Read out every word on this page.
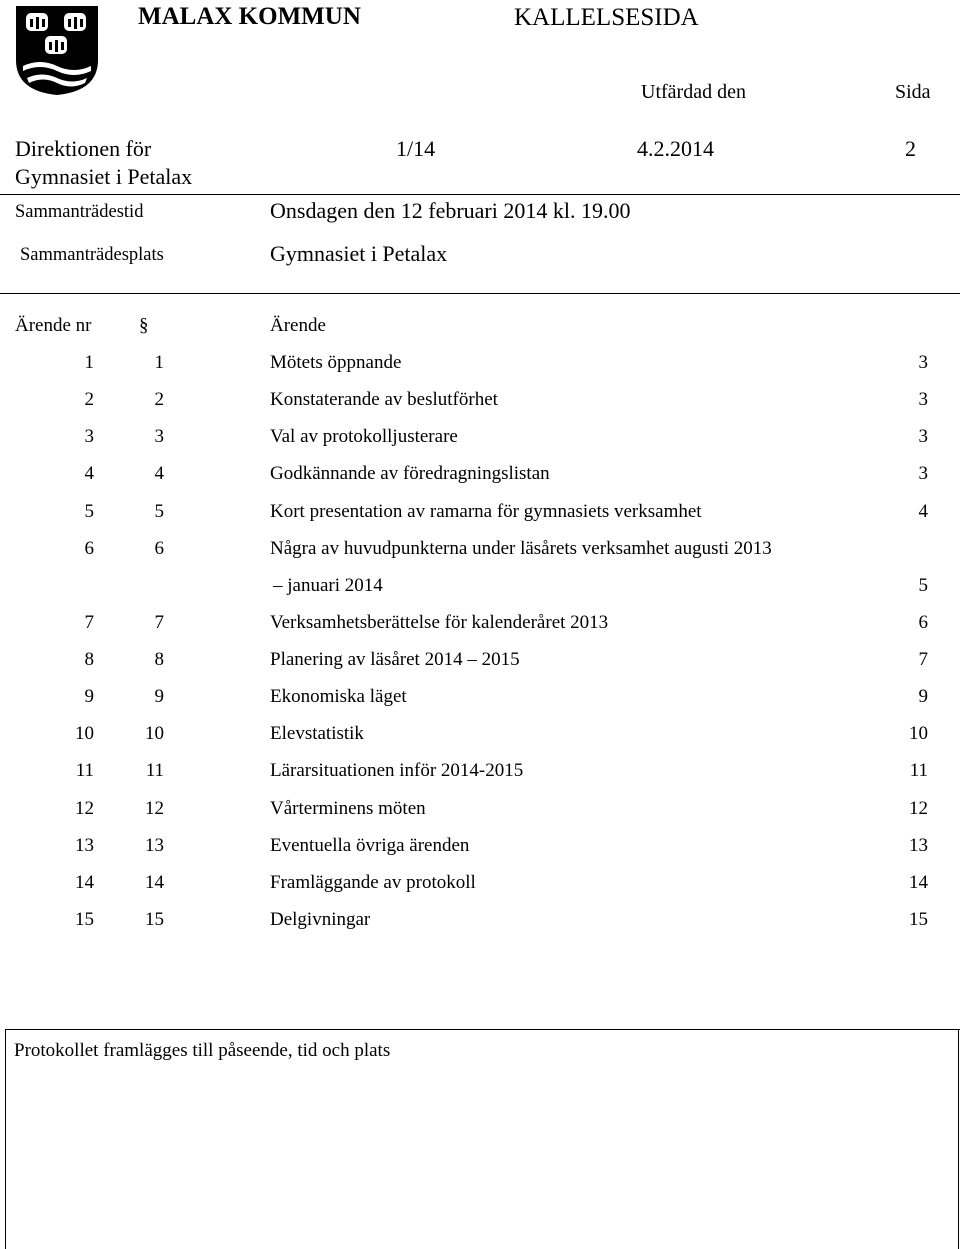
MALAX KOMMUN	KALLELSESIDA
Utfärdad den	Sida
Direktionen för
Gymnasiet i Petalax
1/14	4.2.2014	2
Sammanträdestid	Onsdagen den 12 februari 2014 kl. 19.00
Sammanträdesplats	Gymnasiet i Petalax
Ärende nr	§	Ärende
1	1	Mötets öppnande	3
2	2	Konstaterande av beslutförhet	3
3	3	Val av protokolljusterare	3
4	4	Godkännande av föredragningslistan	3
5	5	Kort presentation av ramarna för gymnasiets verksamhet	4
6	6	Några av huvudpunkterna under läsårets verksamhet augusti 2013
– januari 2014	5
7	7	Verksamhetsberättelse för kalenderåret 2013	6
8	8	Planering av läsåret 2014 – 2015	7
9	9	Ekonomiska läget	9
10	10	Elevstatistik	10
11	11	Lärarsituationen inför 2014-2015	11
12	12	Vårterminens möten	12
13	13	Eventuella övriga ärenden	13
14	14	Framläggande av protokoll	14
15	15	Delgivningar	15
Protokollet framlägges till påseende, tid och plats
